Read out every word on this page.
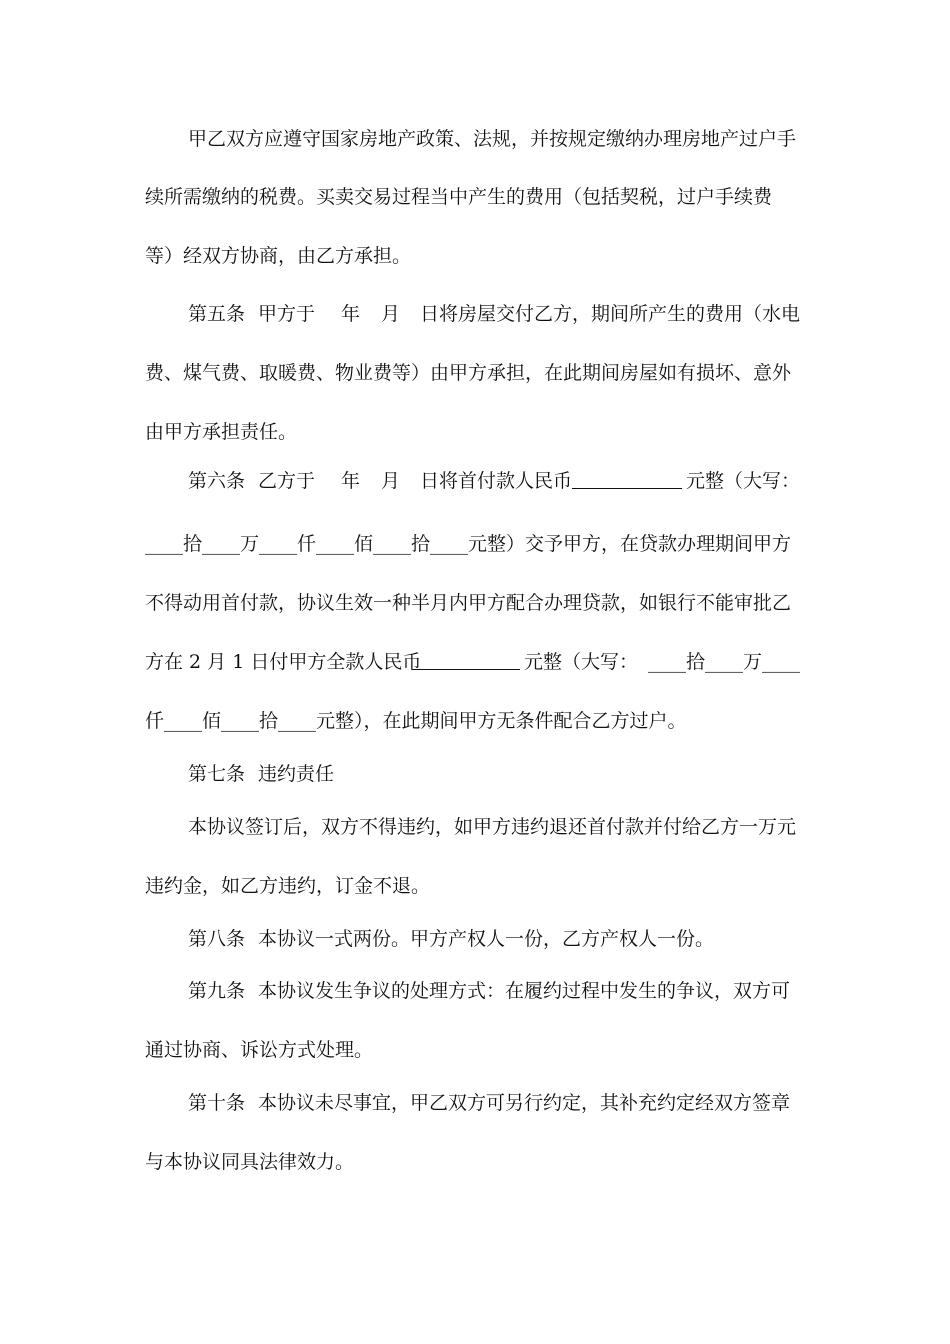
甲乙双方应遵守国家房地产政策、法规，并按规定缴纳办理房地产过户手
续所需缴纳的税费。买卖交易过程当中产生的费用（包括契税，过户手续费
等）经双方协商，由乙方承担。
第五条 甲方于 年 月 日将房屋交付乙方，期间所产生的费用（水电
费、煤气费、取暖费、物业费等）由甲方承担，在此期间房屋如有损坏、意外
由甲方承担责任。
第六条 乙方于 年 月 日将首付款人民币	元整（大写：
____拾____万____仟____佰____拾____元整）交予甲方，在贷款办理期间甲方
不得动用首付款，协议生效一种半月内甲方配合办理贷款，如银行不能审批乙
方在 2 月 1 日付甲方全款人民币	元整（大写： ____拾____万____
仟____佰____拾____元整），在此期间甲方无条件配合乙方过户。
第七条 违约责任
本协议签订后，双方不得违约，如甲方违约退还首付款并付给乙方一万元
违约金，如乙方违约，订金不退。
第八条 本协议一式两份。甲方产权人一份，乙方产权人一份。
第九条 本协议发生争议的处理方式：在履约过程中发生的争议，双方可
通过协商、诉讼方式处理。
第十条 本协议未尽事宜，甲乙双方可另行约定，其补充约定经双方签章
与本协议同具法律效力。
